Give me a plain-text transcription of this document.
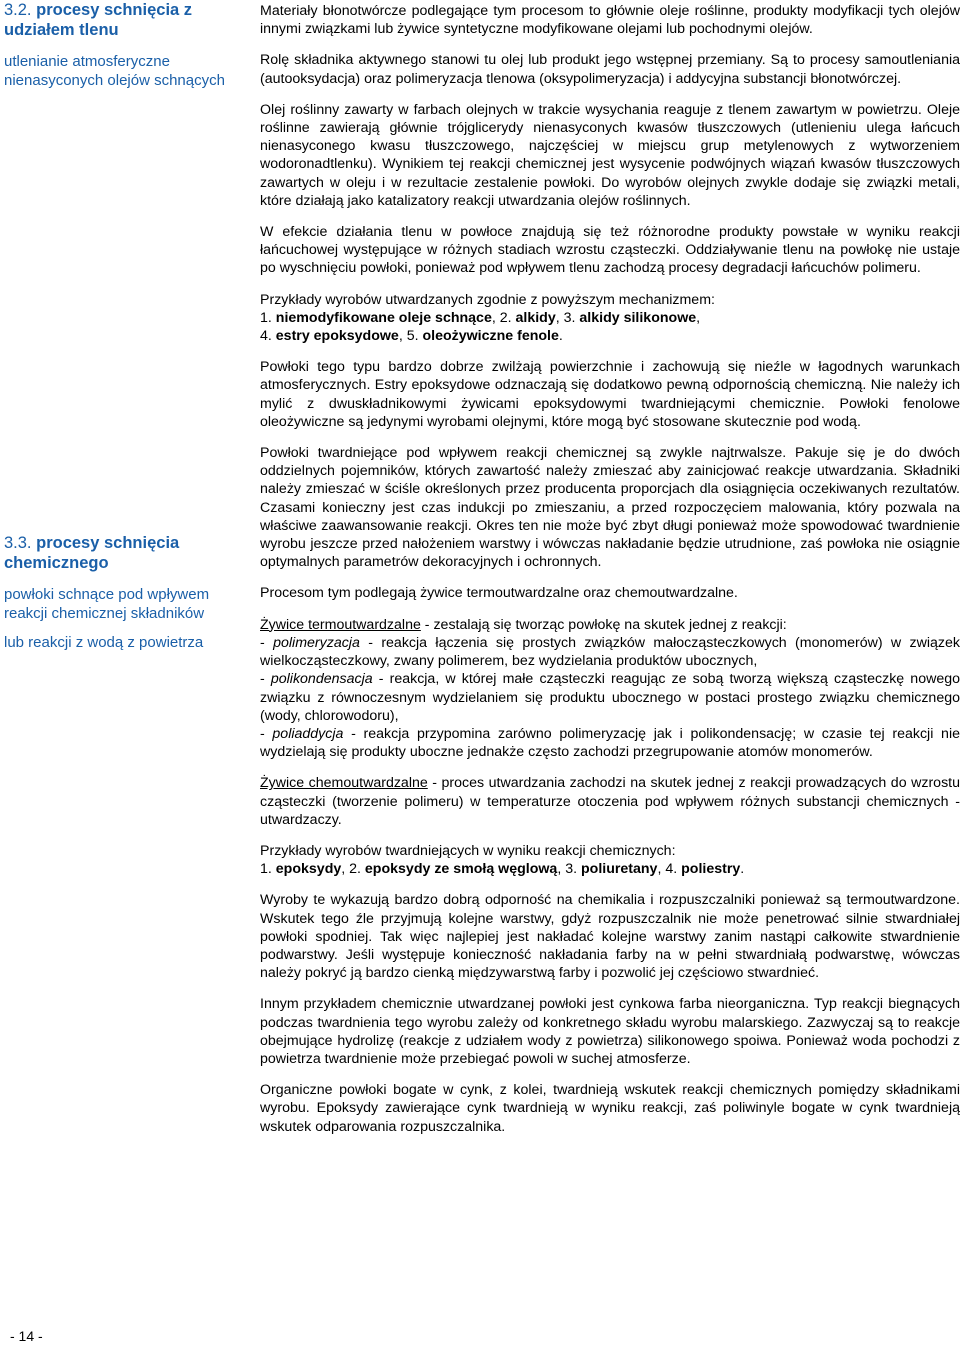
3.2. procesy schnięcia z udziałem tlenu

utlenianie atmosferyczne nienasyconych olejów schnących

3.3. procesy schnięcia chemicznego

powłoki schnące pod wpływem reakcji chemicznej składników

lub reakcji z wodą z powietrza

- 14 -

Materiały błonotwórcze podlegające tym procesom to głównie oleje roślinne, produkty modyfikacji tych olejów innymi związkami lub żywice syntetyczne modyfikowane olejami lub pochodnymi olejów.

Rolę składnika aktywnego stanowi tu olej lub produkt jego wstępnej przemiany. Są to procesy samoutleniania (autooksydacja) oraz polimeryzacja tlenowa (oksypolimeryzacja) i addycyjna substancji błonotwórczej.

Olej roślinny zawarty w farbach olejnych w trakcie wysychania reaguje z tlenem zawartym w powietrzu. Oleje roślinne zawierają głównie trójglicerydy nienasyconych kwasów tłuszczowych (utlenieniu ulega łańcuch nienasyconego kwasu tłuszczowego, najczęściej w miejscu grup metylenowych z wytworzeniem wodoronadtlenku). Wynikiem tej reakcji chemicznej jest wysycenie podwójnych wiązań kwasów tłuszczowych zawartych w oleju i w rezultacie zestalenie powłoki. Do wyrobów olejnych zwykle dodaje się związki metali, które działają jako katalizatory reakcji utwardzania olejów roślinnych.

W efekcie działania tlenu w powłoce znajdują się też różnorodne produkty powstałe w wyniku reakcji łańcuchowej występujące w różnych stadiach wzrostu cząsteczki. Oddziaływanie tlenu na powłokę nie ustaje po wyschnięciu powłoki, ponieważ pod wpływem tlenu zachodzą procesy degradacji łańcuchów polimeru.

Przykłady wyrobów utwardzanych zgodnie z powyższym mechanizmem:
1. niemodyfikowane oleje schnące, 2. alkidy, 3. alkidy silikonowe,
4. estry epoksydowe, 5. oleożywiczne fenole.

Powłoki tego typu bardzo dobrze zwilżają powierzchnie i zachowują się nieźle w łagodnych warunkach atmosferycznych. Estry epoksydowe odznaczają się dodatkowo pewną odpornością chemiczną. Nie należy ich mylić z dwuskładnikowymi żywicami epoksydowymi twardniejącymi chemicznie. Powłoki fenolowe oleożywiczne są jedynymi wyrobami olejnymi, które mogą być stosowane skutecznie pod wodą.

Powłoki twardniejące pod wpływem reakcji chemicznej są zwykle najtrwalsze. Pakuje się je do dwóch oddzielnych pojemników, których zawartość należy zmieszać aby zainicjować reakcje utwardzania. Składniki należy zmieszać w ściśle określonych przez producenta proporcjach dla osiągnięcia oczekiwanych rezultatów. Czasami konieczny jest czas indukcji po zmieszaniu, a przed rozpoczęciem malowania, który pozwala na właściwe zaawansowanie reakcji. Okres ten nie może być zbyt długi ponieważ może spowodować twardnienie wyrobu jeszcze przed nałożeniem warstwy i wówczas nakładanie będzie utrudnione, zaś powłoka nie osiągnie optymalnych parametrów dekoracyjnych i ochronnych.

Procesom tym podlegają żywice termoutwardzalne oraz chemoutwardzalne.

Żywice termoutwardzalne - zestalają się tworząc powłokę na skutek jednej z reakcji:
- polimeryzacja - reakcja łączenia się prostych związków małocząsteczkowych (monomerów) w związek wielkocząsteczkowy, zwany polimerem, bez wydzielania produktów ubocznych,
- polikondensacja - reakcja, w której małe cząsteczki reagując ze sobą tworzą większą cząsteczkę nowego związku z równoczesnym wydzielaniem się produktu ubocznego w postaci prostego związku chemicznego (wody, chlorowodoru),
- poliaddycja - reakcja przypomina zarówno polimeryzację jak i polikondensację; w czasie tej reakcji nie wydzielają się produkty uboczne jednakże często zachodzi przegrupowanie atomów monomerów.

Żywice chemoutwardzalne - proces utwardzania zachodzi na skutek jednej z reakcji prowadzących do wzrostu cząsteczki (tworzenie polimeru) w temperaturze otoczenia pod wpływem różnych substancji chemicznych - utwardzaczy.

Przykłady wyrobów twardniejących w wyniku reakcji chemicznych:
1. epoksydy, 2. epoksydy ze smołą węglową, 3. poliuretany, 4. poliestry.

Wyroby te wykazują bardzo dobrą odporność na chemikalia i rozpuszczalniki ponieważ są termoutwardzone. Wskutek tego źle przyjmują kolejne warstwy, gdyż rozpuszczalnik nie może penetrować silnie stwardniałej powłoki spodniej. Tak więc najlepiej jest nakładać kolejne warstwy zanim nastąpi całkowite stwardnienie podwarstwy. Jeśli występuje konieczność nakładania farby na w pełni stwardniałą podwarstwę, wówczas należy pokryć ją bardzo cienką międzywarstwą farby i pozwolić jej częściowo stwardnieć.

Innym przykładem chemicznie utwardzanej powłoki jest cynkowa farba nieorganiczna. Typ reakcji biegnących podczas twardnienia tego wyrobu zależy od konkretnego składu wyrobu malarskiego. Zazwyczaj są to reakcje obejmujące hydrolizę (reakcje z udziałem wody z powietrza) silikonowego spoiwa. Ponieważ woda pochodzi z powietrza twardnienie może przebiegać powoli w suchej atmosferze.

Organiczne powłoki bogate w cynk, z kolei, twardnieją wskutek reakcji chemicznych pomiędzy składnikami wyrobu. Epoksydy zawierające cynk twardnieją w wyniku reakcji, zaś poliwinyle bogate w cynk twardnieją wskutek odparowania rozpuszczalnika.
